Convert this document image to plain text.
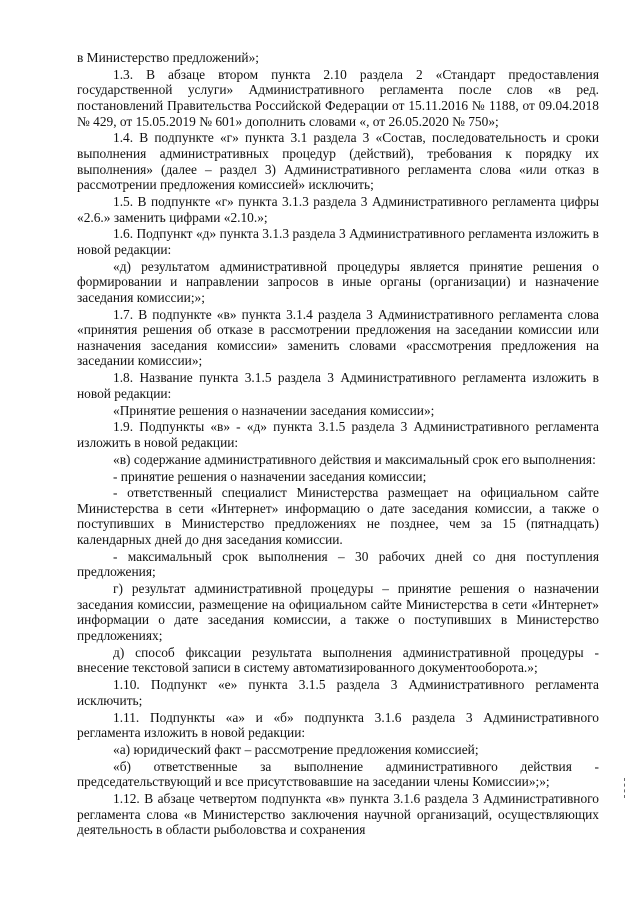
в Министерство предложений»;

1.3. В абзаце втором пункта 2.10 раздела 2 «Стандарт предоставления государственной услуги» Административного регламента после слов «в ред. постановлений Правительства Российской Федерации от 15.11.2016 № 1188, от 09.04.2018 № 429, от 15.05.2019 № 601» дополнить словами «, от 26.05.2020 № 750»;

1.4. В подпункте «г» пункта 3.1 раздела 3 «Состав, последовательность и сроки выполнения административных процедур (действий), требования к порядку их выполнения» (далее – раздел 3) Административного регламента слова «или отказ в рассмотрении предложения комиссией» исключить;

1.5. В подпункте «г» пункта 3.1.3 раздела 3 Административного регламента цифры «2.6.» заменить цифрами «2.10.»;

1.6. Подпункт «д» пункта 3.1.3 раздела 3 Административного регламента изложить в новой редакции:

«д) результатом административной процедуры является принятие решения о формировании и направлении запросов в иные органы (организации) и назначение заседания комиссии;»;

1.7. В подпункте «в» пункта 3.1.4 раздела 3 Административного регламента слова «принятия решения об отказе в рассмотрении предложения на заседании комиссии или назначения заседания комиссии» заменить словами «рассмотрения предложения на заседании комиссии»;

1.8. Название пункта 3.1.5 раздела 3 Административного регламента изложить в новой редакции:

«Принятие решения о назначении заседания комиссии»;

1.9. Подпункты «в» - «д» пункта 3.1.5 раздела 3 Административного регламента изложить в новой редакции:

«в) содержание административного действия и максимальный срок его выполнения:

- принятие решения о назначении заседания комиссии;

- ответственный специалист Министерства размещает на официальном сайте Министерства в сети «Интернет» информацию о дате заседания комиссии, а также о поступивших в Министерство предложениях не позднее, чем за 15 (пятнадцать) календарных дней до дня заседания комиссии.

- максимальный срок выполнения – 30 рабочих дней со дня поступления предложения;

г) результат административной процедуры – принятие решения о назначении заседания комиссии, размещение на официальном сайте Министерства в сети «Интернет» информации о дате заседания комиссии, а также о поступивших в Министерство предложениях;

д) способ фиксации результата выполнения административной процедуры - внесение текстовой записи в систему автоматизированного документооборота.»;

1.10. Подпункт «е» пункта 3.1.5 раздела 3 Административного регламента исключить;

1.11. Подпункты «а» и «б» подпункта 3.1.6 раздела 3 Административного регламента изложить в новой редакции:

«а) юридический факт – рассмотрение предложения комиссией;

«б) ответственные за выполнение административного действия - председательствующий и все присутствовавшие на заседании члены Комиссии»;»;

1.12. В абзаце четвертом подпункта «в» пункта 3.1.6 раздела 3 Административного регламента слова «в Министерство заключения научной организаций, осуществляющих деятельность в области рыболовства и сохранения
